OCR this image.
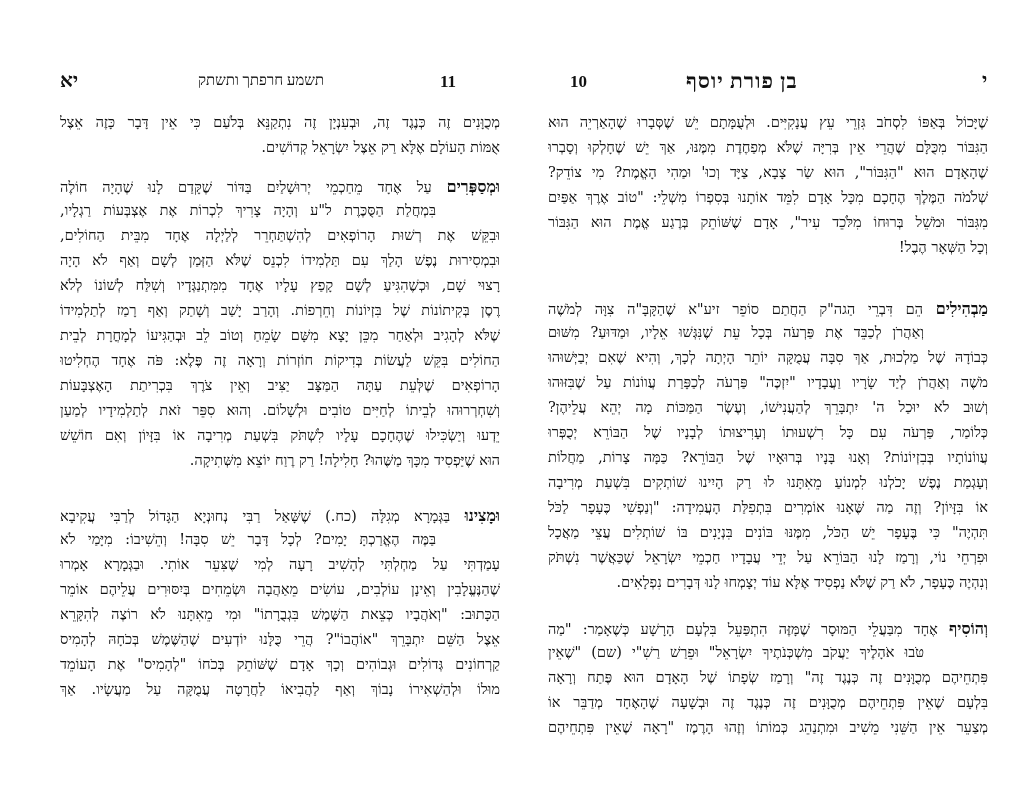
יא	תשמע חרפתך ותשתק	11
מְכֻוָּנִים זֶה כְּנֶגֶד זֶה, וּבְעִנְיָן זֶה נִתְקַנֵּא בְּלֹעַם כִּי אֵין דָּבָר כָּזֶה אֵצֶל
אֻמּוֹת הָעוֹלָם אֶלָּא רַק אֵצֶל יִשְׂרָאֵל קְדוֹשִׁים.
וּמְסַפְּרִים עַל אֶחָד מֵחַכְמֵי יְרוּשָׁלַיִם בַּדּוֹר שֶׁקָּדַם לָנוּ שֶׁהָיָה חוֹלֶה
בִּמְחֲלַת הַסֻּכֶּרֶת ל"ע וְהָיָה צָרִיךְ לִכְרוֹת אֶת אֶצְבְּעוֹת רַגְלָיו,
וּבִקֵּשׁ אֶת רְשׁוּת הָרוֹפְאִים לְהִשְׁתַּחְרֵר לְלַיְלָה אֶחָד מִבֵּית הַחוֹלִים,
וּבִמְסִירוּת נֶפֶשׁ הָלַךְ עִם תַּלְמִידוֹ לִכְנֵס שֶׁלֹּא הַזְּמַן לְשָׁם וְאַף לֹא הָיָה
רָצוּי שָׁם, וּכְשֶׁהִגִּיעַ לְשָׁם קָפַץ עָלָיו אֶחָד מִמִּתְנַגְּדָיו וְשִׁלַּח לְשׁוֹנוֹ לְלֹא
רֶסֶן בְּקִיתוֹנוֹת שֶׁל בִּזְיוֹנוֹת וְחֵרְפוֹת. וְהָרַב יָשַׁב וְשָׁתַק וְאַף רָמַז לְתַלְמִידוֹ
שֶׁלֹּא לְהָגִיב וּלְאַחַר מִכֵּן יָצָא מִשָּׁם שָׂמֵחַ וְטוֹב לֵב וּבְהַגִּיעוֹ לְמָחֳרָת לְבֵית
הַחוֹלִים בִּקֵּשׁ לַעֲשׂוֹת בְּדִיקוֹת חוֹזְרוֹת וְרָאָה זֶה פֶּלֶא: פֹּה אֶחָד הֶחְלִיטוּ
הָרוֹפְאִים שֶׁלְּעֵת עַתָּה הַמַּצָּב יַצִּיב וְאֵין צֹרֶךְ בִּכְרִיתַת הָאֶצְבָּעוֹת
וְשִׁחְרְרוּהוּ לְבֵיתוֹ לְחַיִּים טוֹבִים וּלְשָׁלוֹם. וְהוּא סִפֵּר זֹאת לְתַלְמִידָיו לְמַעַן
יֵדְעוּ וְיַשְׂכִּילוּ שֶׁהֶחָכָם עָלָיו לִשְׁתֹּק בִּשְׁעַת מְרִיבָה אוֹ בִּזָּיוֹן וְאִם חוֹשֵׁשׁ
הוּא שֶׁיַּפְסִיד מִכָּךְ מַשֶּׁהוּ? חָלִילָה! רַק רֶוַח יוֹצֵא מִשְּׁתִיקָה.
וּמָצִינוּ בַּגְּמָרָא מְגִלָּה (כח.) שֶׁשָּׁאַל רַבִּי נְחוּנְיָא הַגָּדוֹל לְרַבִּי עֲקִיבָא
בַּמֶּה הֶאֱרַכְתָּ יָמִים? לְכָל דָּבָר יֵשׁ סִבָּה! וְהֵשִׁיבוֹ: מִיָּמַי לֹא
עָמַדְתִּי עַל מַחְלְתִּי לְהָשִׁיב רָעָה לְמִי שֶׁצִּעֵר אוֹתִי. וּבַגְּמָרָא אָמְרוּ
שֶׁהַנֶּעֱלָבִין וְאֵינָן עוֹלְבִים, עוֹשִׂים מֵאַהֲבָה וּשְׂמֵחִים בְּיִסּוּרִים עֲלֵיהֶם אוֹמֵר
הַכָּתוּב: "וְאֹהֲבָיו כְּצֵאת הַשֶּׁמֶשׁ בִּגְבֻרָתוֹ" וּמִי מֵאִתָּנוּ לֹא רוֹצֶה לְהִקָּרֵא
אֵצֶל הַשֵּׁם יִתְבָּרֵךְ "אוֹהֲבוֹ"? הֲרֵי כֻּלָּנוּ יוֹדְעִים שֶׁהַשֶּׁמֶשׁ בְּכֹחָהּ לְהָמִיס
קַרְחוֹנִים גְּדוֹלִים וּגְבוֹהִים וְכָךְ אָדָם שֶׁשּׁוֹתֵק בְּכֹחוֹ "לְהָמִיס" אֶת הָעוֹמֵד
מוּלוֹ וּלְהַשְׁאִירוֹ נָבוֹךְ וְאַף לַהֲבִיאוֹ לַחֲרָטָה עֲמֻקָּה עַל מַעֲשָׂיו. אַךְ
10	בן פורת יוסף	י
שֶׁיָּכוֹל בְּאַפּוֹ לִסְחֹב גִּזְרֵי עֵץ עֲנָקִיִּים. וּלְעֻמָּתָם יֵשׁ שֶׁסְּבָרוּ שֶׁהָאַרְיֵה הוּא
הַגִּבּוֹר מִכֻּלָּם שֶׁהֲרֵי אֵין בְּרִיָּה שֶׁלֹּא מְפַחֶדֶת מִמֶּנּוּ, אַךְ יֵשׁ שֶׁחָלְקוּ וְסָבְרוּ
שֶׁהָאָדָם הוּא "הַגִּבּוֹר", הוּא שַׂר צָבָא, צַיָּד וְכוּ' וּמַהִי הָאֱמֶת? מִי צוֹדֵק?
שְׁלֹמֹה הַמֶּלֶךְ הֶחָכָם מִכָּל אָדָם לִמֵּד אוֹתָנוּ בְּסִפְרוֹ מִשְׁלֵי: "טוֹב אֶרֶךְ אַפַּיִם
מִגִּבּוֹר וּמֹשֵׁל בְּרוּחוֹ מִלֹּכֵד עִיר", אָדָם שֶׁשּׁוֹתֵק בְּרֶגַע אֱמֶת הוּא הַגִּבּוֹר
וְכָל הַשְּׁאָר הֶבֶל!
מַבְהִילִים הֵם דִּבְרֵי הַגה"ק הַחֲתַם סוֹפֵר זיע"א שֶׁהַקָּבָּ"ה צִוָּה לְמֹשֶׁה
וְאַהֲרֹן לְכַבֵּד אֶת פַּרְעֹה בְּכָל עֵת שֶׁנִּגְּשׁוּ אֵלָיו, וּמַדּוּעַ? מִשּׁוּם
כְּבוֹדָהּ שֶׁל מַלְכוּת, אַךְ סִבָּה עֲמֻקָּה יוֹתֵר הָיְתָה לְכָךְ, וְהִיא שֶׁאִם יְבַיְּשׁוּהוּ
מֹשֶׁה וְאַהֲרֹן לְיַד שָׂרָיו וַעֲבָדָיו "יִזְכֶּה" פַּרְעֹה לְכַפָּרַת עֲווֹנוֹת עַל שֶׁבִּזּוּהוּ
וְשׁוּב לֹא יוּכַל ה' יִתְבָּרֵךְ לְהַעֲנִישׁוֹ, וְעֶשֶׂר הַמַּכּוֹת מָה יְהֵא עֲלֵיהֶן?
כְּלוֹמַר, פַּרְעֹה עִם כָּל רִשְׁעוּתוֹ וְעָרִיצוּתוֹ לְבָנָיו שֶׁל הַבּוֹרֵא יְכֻפְּרוּ
עֲווֹנוֹתָיו בְּבִזְיוֹנוֹת? וְאָנוּ בָּנָיו בְּרוּאָיו שֶׁל הַבּוֹרֵא? כַּמָּה צָרוֹת, מַחֲלוֹת
וְעָגְמַת נֶפֶשׁ יָכֹלְנוּ לִמְנוֹעַ מֵאִתָּנוּ לוּ רַק הָיִינוּ שׁוֹתְקִים בִּשְׁעַת מְרִיבָה
אוֹ בִּזָּיוֹן? וְזֶה מַה שֶּׁאָנוּ אוֹמְרִים בִּתְפִלַּת הָעֲמִידָה: "וְנַפְשִׁי כֶּעָפָר לַכֹּל
תִּהְיֶה" כִּי בֶּעָפָר יֵשׁ הַכֹּל, מִמֶּנּוּ בּוֹנִים בִּנְיָנִים בּוֹ שׁוֹתְלִים עֲצֵי מַאֲכָל
וּפִרְחֵי נוֹי, וְרָמַז לָנוּ הַבּוֹרֵא עַל יְדֵי עֲבָדָיו חַכְמֵי יִשְׂרָאֵל שֶׁכַּאֲשֶׁר נִשְׁתֹּק
וְנִהְיֶה כֶּעָפָר, לֹא רַק שֶׁלֹּא נַפְסִיד אֶלָּא עוֹד יְצָמְחוּ לָנוּ דְּבָרִים נִפְלָאִים.
וְהוֹסִיף אֶחָד מִבַּעֲלֵי הַמּוּסָר שֶׁמָּזֶּה הִתְפַּעֵל בִּלְעָם הָרָשָׁע כְּשֶׁאָמַר: "מַה
טֹּבוּ אֹהָלֶיךָ יַעֲקֹב מִשְׁכְּנֹתֶיךָ יִשְׂרָאֵל" וּפֵרַשׁ רַשִׁ"י (שם) "שֶׁאֵין
פִּתְחֵיהֶם מְכֻוָּנִים זֶה כְּנֶגֶד זֶה" וְרָמַז שְׂפָתוֹ שֶׁל הָאָדָם הוּא פֶּתַח וְרָאָה
בִּלְעָם שֶׁאֵין פִּתְחֵיהֶם מְכֻוָּנִים זֶה כְּנֶגֶד זֶה וּבְשָׁעָה שֶׁהָאֶחָד מְדַבֵּר אוֹ
מְצַעֵר אֵין הַשֵּׁנִי מֵשִׁיב וּמִתְנַהֵג כְּמוֹתוֹ וְזֶהוּ הָרֶמֶז "רָאָה שֶׁאֵין פִּתְחֵיהֶם
